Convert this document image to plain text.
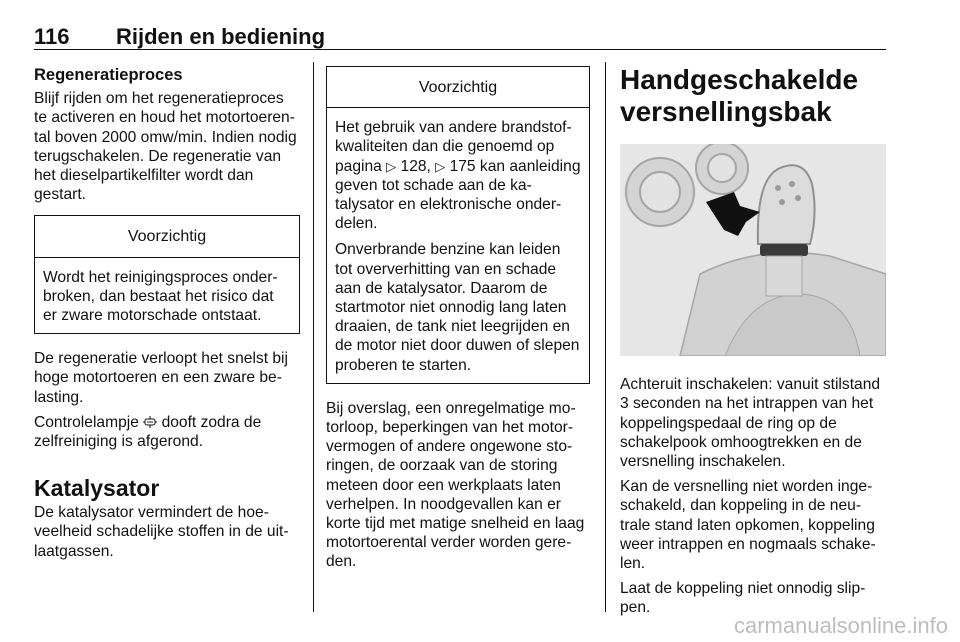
116 Rijden en bediening
Regeneratieproces

Blijf rijden om het regeneratieproces te activeren en houd het motortoerental boven 2000 omw/min. Indien nodig terugschakelen. De regeneratie van het dieselpartikelfilter wordt dan gestart.

Voorzichtig

Wordt het reinigingsproces onderbroken, dan bestaat het risico dat er zware motorschade ontstaat.

De regeneratie verloopt het snelst bij hoge motortoeren en een zware belasting.

Controlelampje dooft zodra de zelfreiniging is afgerond.

Katalysator

De katalysator vermindert de hoeveelheid schadelijke stoffen in de uitlaatgassen.

Voorzichtig

Het gebruik van andere brandstofkwaliteiten dan die genoemd op pagina ▷ 128, ▷ 175 kan aanleiding geven tot schade aan de katalysator en elektronische onderdelen.

Onverbrande benzine kan leiden tot oververhitting van en schade aan de katalysator. Daarom de startmotor niet onnodig lang laten draaien, de tank niet leegrijden en de motor niet door duwen of slepen proberen te starten.

Bij overslag, een onregelmatige motorloop, beperkingen van het motorvermogen of andere ongewone storingen, de oorzaak van de storing meteen door een werkplaats laten verhelpen. In noodgevallen kan er korte tijd met matige snelheid en laag motortoerental verder worden gereden.

Handgeschakelde versnellingsbak

Achteruit inschakelen: vanuit stilstand 3 seconden na het intrappen van het koppelingspedaal de ring op de schakelpook omhoogtrekken en de versnelling inschakelen.

Kan de versnelling niet worden ingeschakeld, dan koppeling in de neutrale stand laten opkomen, koppeling weer intrappen en nogmaals schakelen.

Laat de koppeling niet onnodig slippen.

carmanualsonline.info
